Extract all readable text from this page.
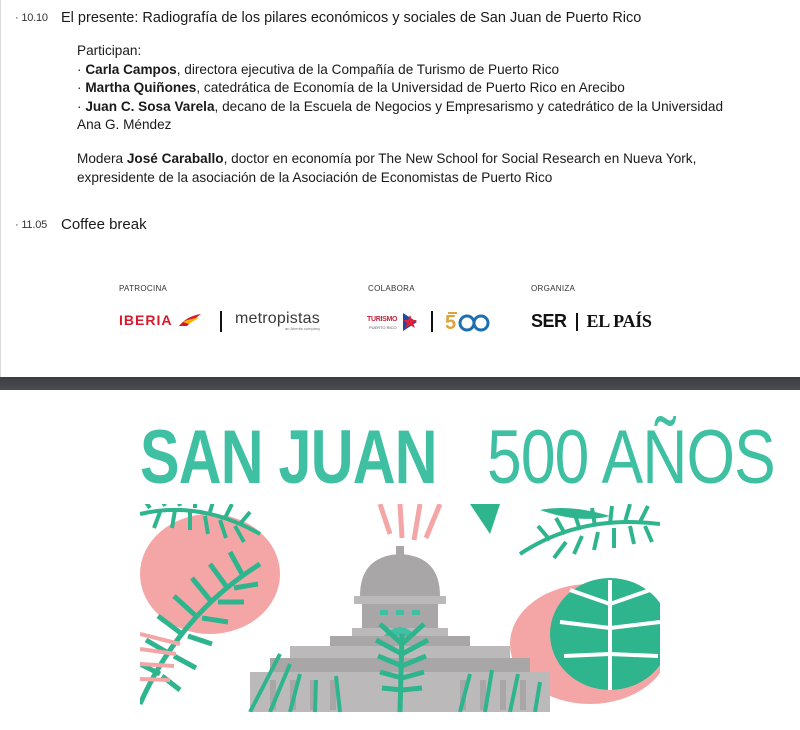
· 10.10 El presente: Radiografía de los pilares económicos y sociales de San Juan de Puerto Rico
Participan:
· Carla Campos, directora ejecutiva de la Compañía de Turismo de Puerto Rico
· Martha Quiñones, catedrática de Economía de la Universidad de Puerto Rico en Arecibo
· Juan C. Sosa Varela, decano de la Escuela de Negocios y Empresarismo y catedrático de la Universidad
Ana G. Méndez
Modera José Caraballo, doctor en economía por The New School for Social Research en Nueva York,
expresidente de la asociación de la Asociación de Economistas de Puerto Rico
· 11.05 Coffee break
PATROCINA	COLABORA	ORGANIZA
IBERIA	metropistas
an Abertis company
TURISMO
PUERTO RICO 5	SER EL PAÍS
SAN JUAN 500 AÑOS
